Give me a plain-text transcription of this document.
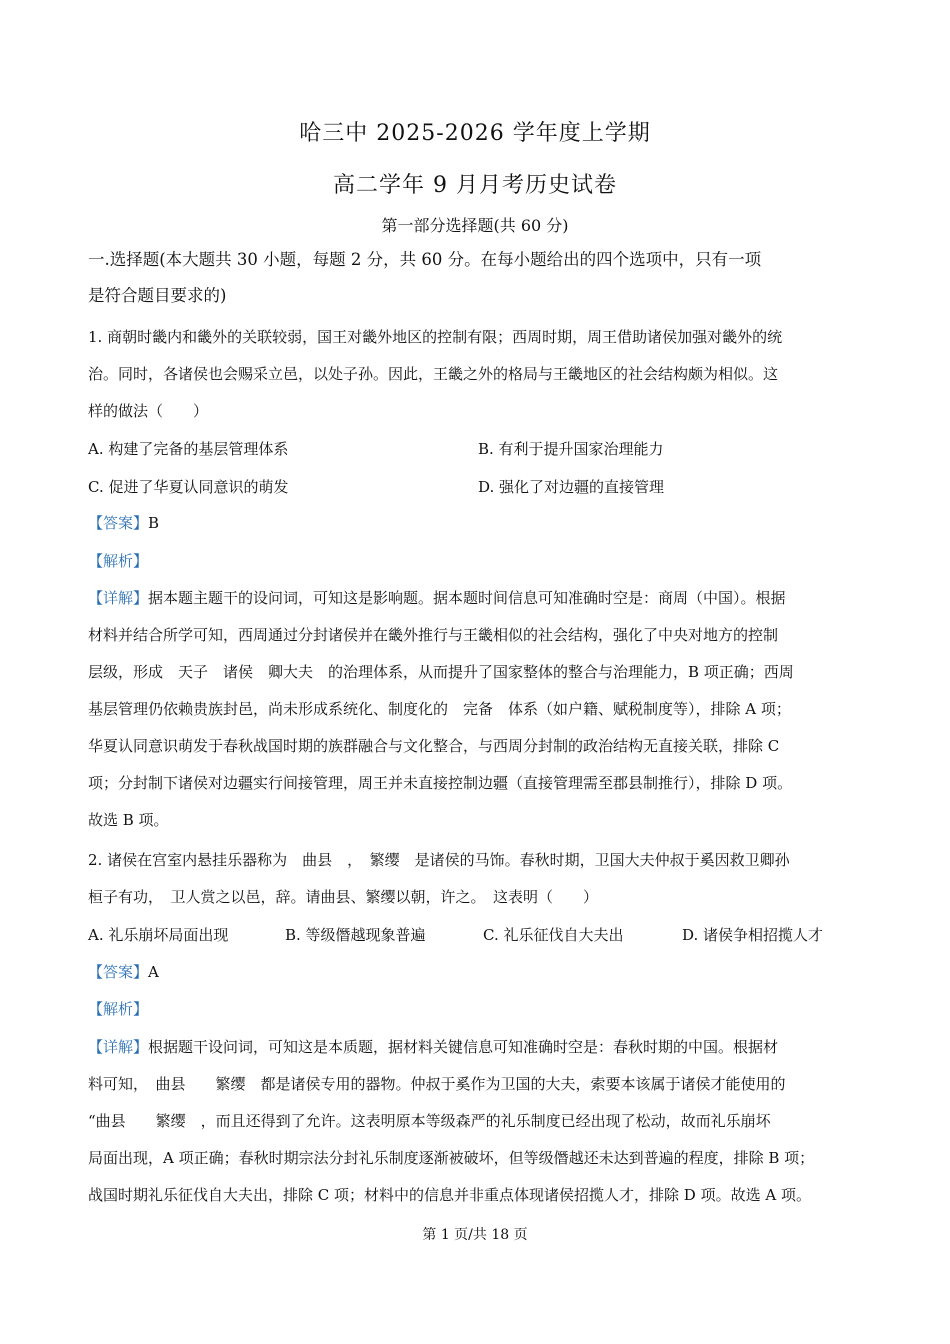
哈三中 2025-2026 学年度上学期
高二学年 9 月月考历史试卷
第一部分选择题(共 60 分)
一.选择题(本大题共 30 小题，每题 2 分，共 60 分。在每小题给出的四个选项中，只有一项
是符合题目要求的)
1. 商朝时畿内和畿外的关联较弱，国王对畿外地区的控制有限；西周时期，周王借助诸侯加强对畿外的统
治。同时，各诸侯也会赐采立邑，以处子孙。因此，王畿之外的格局与王畿地区的社会结构颇为相似。这
样的做法（　　）
A. 构建了完备的基层管理体系	B. 有利于提升国家治理能力
C. 促进了华夏认同意识的萌发	D. 强化了对边疆的直接管理
【答案】B
【解析】
【详解】据本题主题干的设问词，可知这是影响题。据本题时间信息可知准确时空是：商周（中国）。根据
材料并结合所学可知，西周通过分封诸侯并在畿外推行与王畿相似的社会结构，强化了中央对地方的控制
层级，形成　天子　诸侯　卿大夫　的治理体系，从而提升了国家整体的整合与治理能力，B 项正确；西周
基层管理仍依赖贵族封邑，尚未形成系统化、制度化的　完备　体系（如户籍、赋税制度等），排除 A 项；
华夏认同意识萌发于春秋战国时期的族群融合与文化整合，与西周分封制的政治结构无直接关联，排除 C
项；分封制下诸侯对边疆实行间接管理，周王并未直接控制边疆（直接管理需至郡县制推行），排除 D 项。
故选 B 项。
2. 诸侯在宫室内悬挂乐器称为　曲县　，　繁缨　是诸侯的马饰。春秋时期，卫国大夫仲叔于奚因救卫卿孙
桓子有功，　卫人赏之以邑，辞。请曲县、繁缨以朝，许之。　这表明（　　）
A. 礼乐崩坏局面出现	B. 等级僭越现象普遍	C. 礼乐征伐自大夫出	D. 诸侯争相招揽人才
【答案】A
【解析】
【详解】根据题干设问词，可知这是本质题，据材料关键信息可知准确时空是：春秋时期的中国。根据材
料可知，　曲县　　繁缨　都是诸侯专用的器物。仲叔于奚作为卫国的大夫，索要本该属于诸侯才能使用的
“曲县　　繁缨　，而且还得到了允许。这表明原本等级森严的礼乐制度已经出现了松动，故而礼乐崩坏
局面出现，A 项正确；春秋时期宗法分封礼乐制度逐渐被破坏，但等级僭越还未达到普遍的程度，排除 B 项；
战国时期礼乐征伐自大夫出，排除 C 项；材料中的信息并非重点体现诸侯招揽人才，排除 D 项。故选 A 项。
第 1 页/共 18 页
